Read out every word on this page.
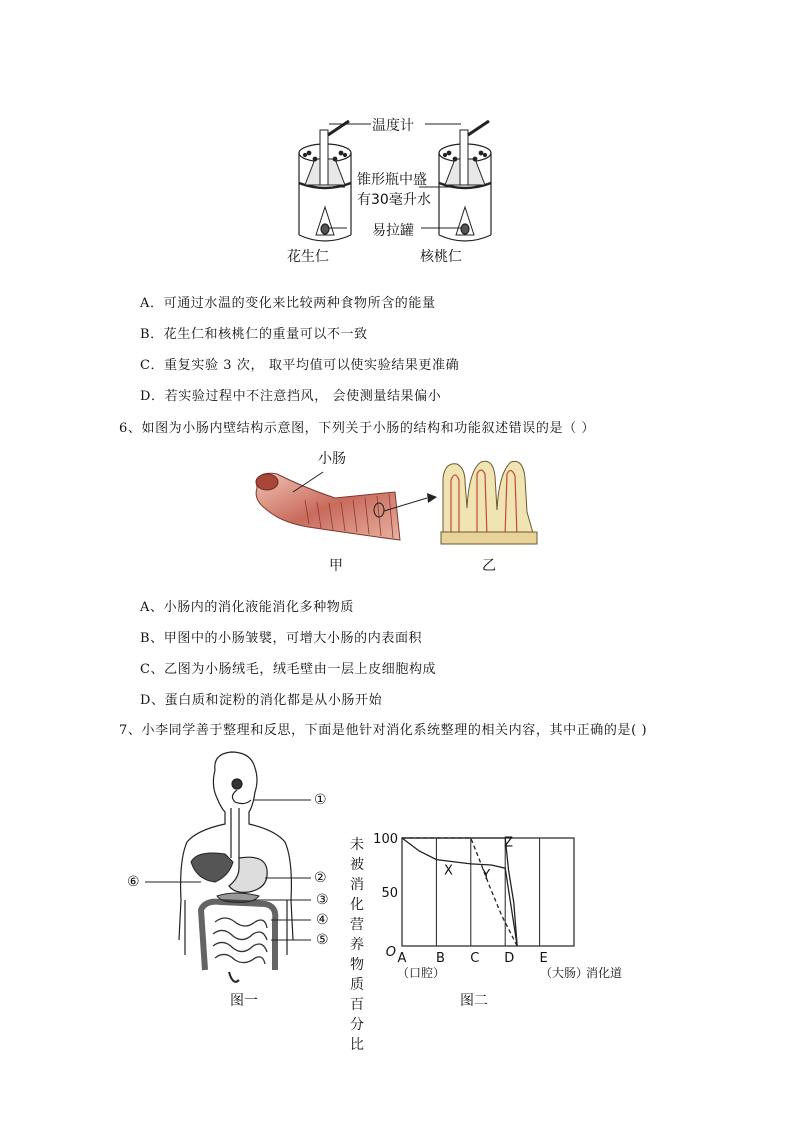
温度计
锥形瓶中盛
有30毫升水
易拉罐
花生仁	核桃仁
A．可通过水温的变化来比较两种食物所含的能量
B．花生仁和核桃仁的重量可以不一致
C．重复实验 3 次， 取平均值可以使实验结果更准确
D．若实验过程中不注意挡风， 会使测量结果偏小
6、如图为小肠内壁结构示意图，下列关于小肠的结构和功能叙述错误的是（ ）
小肠
甲	乙
A、小肠内的消化液能消化多种物质
B、甲图中的小肠皱襞，可增大小肠的内表面积
C、乙图为小肠绒毛，绒毛壁由一层上皮细胞构成
D、蛋白质和淀粉的消化都是从小肠开始
7、小李同学善于整理和反思，下面是他针对消化系统整理的相关内容，其中正确的是( )
①
②
③
④
⑤
⑥
图一
未被
消化
营养
物质
百分
比
50
100
O A B C D E
X Y
Z
（口腔）	（大肠）
消化道
图二
